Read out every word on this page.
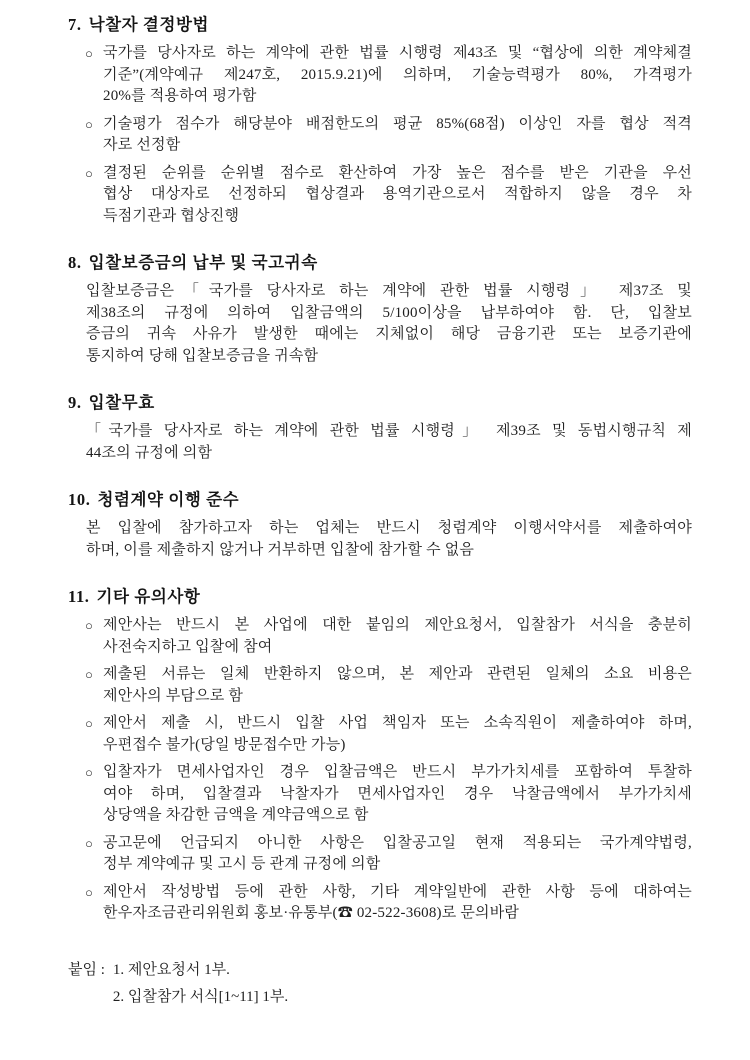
7. 낙찰자 결정방법
○ 국가를 당사자로 하는 계약에 관한 법률 시행령 제43조 및 “협상에 의한 계약체결
기준”(계약예규 제247호, 2015.9.21)에 의하며, 기술능력평가 80%, 가격평가
20%를 적용하여 평가함
○ 기술평가 점수가 해당분야 배점한도의 평균 85%(68점) 이상인 자를 협상 적격
자로 선정함
○ 결정된 순위를 순위별 점수로 환산하여 가장 높은 점수를 받은 기관을 우선
협상 대상자로 선정하되 협상결과 용역기관으로서 적합하지 않을 경우 차
득점기관과 협상진행
8. 입찰보증금의 납부 및 국고귀속
입찰보증금은「국가를 당사자로 하는 계약에 관한 법률 시행령」 제37조 및
제38조의 규정에 의하여 입찰금액의 5/100이상을 납부하여야 함. 단, 입찰보
증금의 귀속 사유가 발생한 때에는 지체없이 해당 금융기관 또는 보증기관에
통지하여 당해 입찰보증금을 귀속함
9. 입찰무효
「국가를 당사자로 하는 계약에 관한 법률 시행령」 제39조 및 동법시행규칙 제
44조의 규정에 의함
10. 청렴계약 이행 준수
본 입찰에 참가하고자 하는 업체는 반드시 청렴계약 이행서약서를 제출하여야
하며, 이를 제출하지 않거나 거부하면 입찰에 참가할 수 없음
11. 기타 유의사항
○ 제안사는 반드시 본 사업에 대한 붙임의 제안요청서, 입찰참가 서식을 충분히
사전숙지하고 입찰에 참여
○ 제출된 서류는 일체 반환하지 않으며, 본 제안과 관련된 일체의 소요 비용은
제안사의 부담으로 함
○ 제안서 제출 시, 반드시 입찰 사업 책임자 또는 소속직원이 제출하여야 하며,
우편접수 불가(당일 방문접수만 가능)
○ 입찰자가 면세사업자인 경우 입찰금액은 반드시 부가가치세를 포함하여 투찰하
여야 하며, 입찰결과 낙찰자가 면세사업자인 경우 낙찰금액에서 부가가치세
상당액을 차감한 금액을 계약금액으로 함
○ 공고문에 언급되지 아니한 사항은 입찰공고일 현재 적용되는 국가계약법령,
정부 계약예규 및 고시 등 관계 규정에 의함
○ 제안서 작성방법 등에 관한 사항, 기타 계약일반에 관한 사항 등에 대하여는
한우자조금관리위원회 홍보·유통부(☎ 02-522-3608)로 문의바람
붙임 : 1. 제안요청서 1부.
2. 입찰참가 서식[1~11] 1부.
